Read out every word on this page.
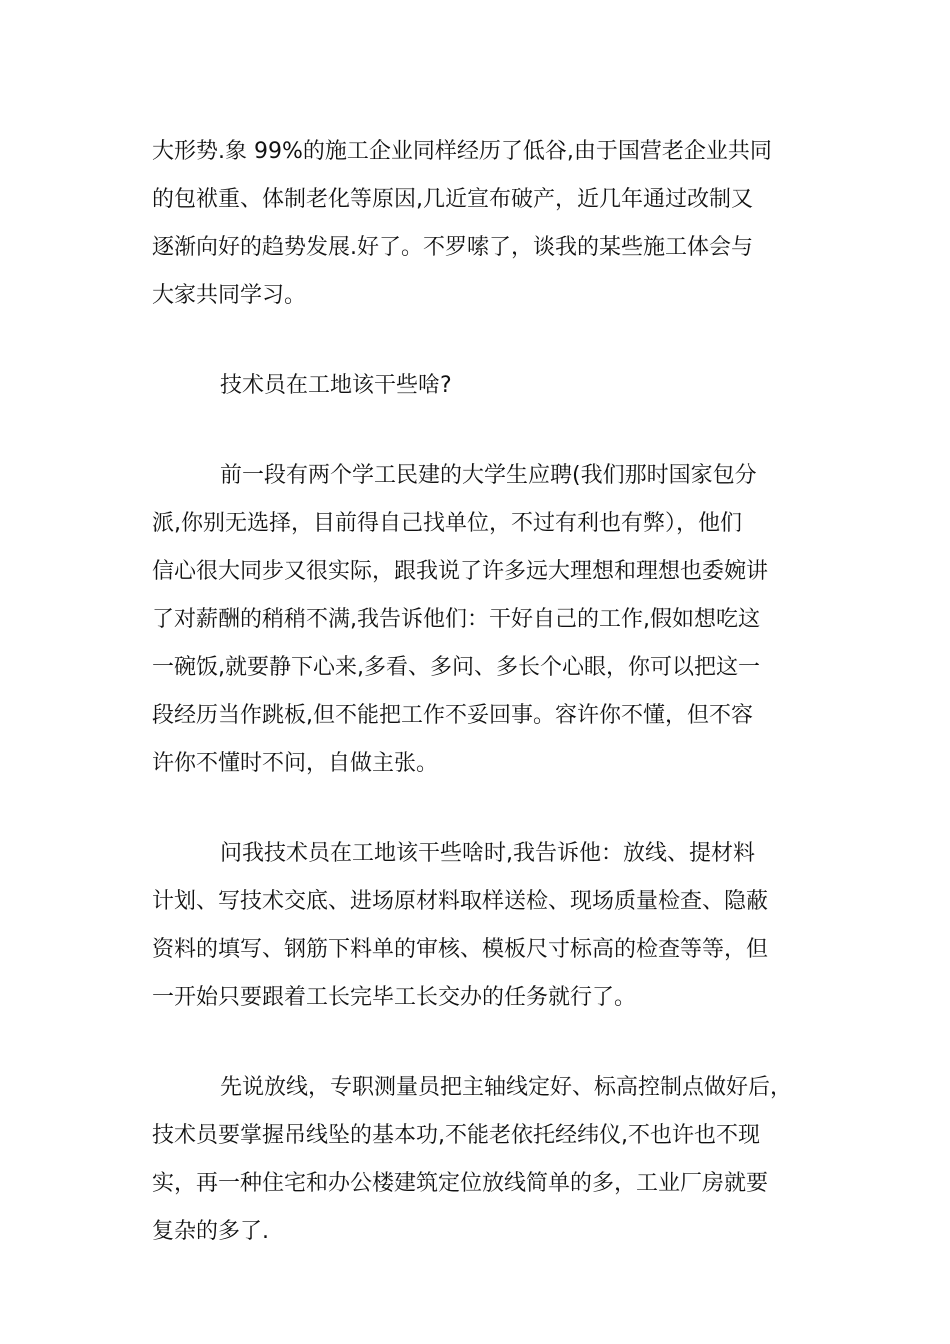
大形势.象 99%的施工企业同样经历了低谷,由于国营老企业共同
的包袱重、体制老化等原因,几近宣布破产，近几年通过改制又
逐渐向好的趋势发展.好了。不罗嗦了，谈我的某些施工体会与
大家共同学习。
技术员在工地该干些啥?
前一段有两个学工民建的大学生应聘(我们那时国家包分
派,你别无选择，目前得自己找单位，不过有利也有弊），他们
信心很大同步又很实际，跟我说了许多远大理想和理想也委婉讲
了对薪酬的稍稍不满,我告诉他们：干好自己的工作,假如想吃这
一碗饭,就要静下心来,多看、多问、多长个心眼，你可以把这一
段经历当作跳板,但不能把工作不妥回事。容许你不懂，但不容
许你不懂时不问，自做主张。
问我技术员在工地该干些啥时,我告诉他：放线、提材料
计划、写技术交底、进场原材料取样送检、现场质量检查、隐蔽
资料的填写、钢筋下料单的审核、模板尺寸标高的检查等等，但
一开始只要跟着工长完毕工长交办的任务就行了。
先说放线，专职测量员把主轴线定好、标高控制点做好后，
技术员要掌握吊线坠的基本功,不能老依托经纬仪,不也许也不现
实，再一种住宅和办公楼建筑定位放线简单的多，工业厂房就要
复杂的多了.
